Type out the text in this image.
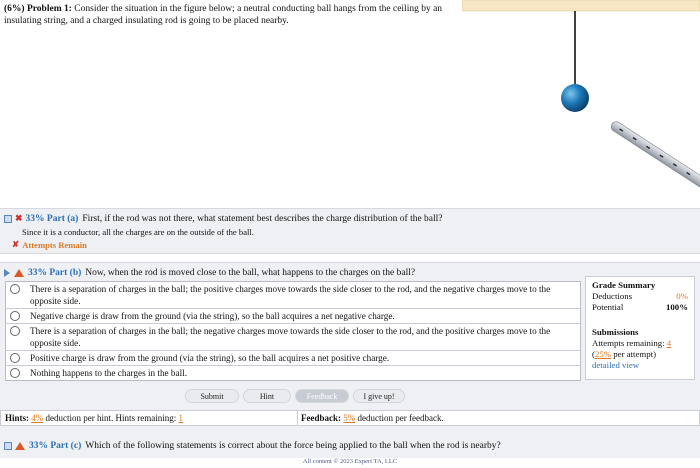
(6%) Problem 1: Consider the situation in the figure below; a neutral conducting ball hangs from the ceiling by an insulating string, and a charged insulating rod is going to be placed nearby.
✖ 33% Part (a) First, if the rod was not there, what statement best describes the charge distribution of the ball?
Since it is a conductor, all the charges are on the outside of the ball.
✘ Attempts Remain
33% Part (b) Now, when the rod is moved close to the ball, what happens to the charges on the ball?
There is a separation of charges in the ball; the positive charges move towards the side closer to the rod, and the negative charges move to the opposite side.
Negative charge is draw from the ground (via the string), so the ball acquires a net negative charge.
There is a separation of charges in the ball; the negative charges move towards the side closer to the rod, and the positive charges move to the opposite side.
Positive charge is draw from the ground (via the string), so the ball acquires a net positive charge.
Nothing happens to the charges in the ball.
Grade Summary
Deductions	0%
Potential	100%
Submissions
Attempts remaining: 4
(25% per attempt)
detailed view
Submit	Hint	Feedback	I give up!
Hints: 4% deduction per hint. Hints remaining: 1	Feedback: 5% deduction per feedback.
33% Part (c) Which of the following statements is correct about the force being applied to the ball when the rod is nearby?
All content © 2023 Expert TA, LLC
